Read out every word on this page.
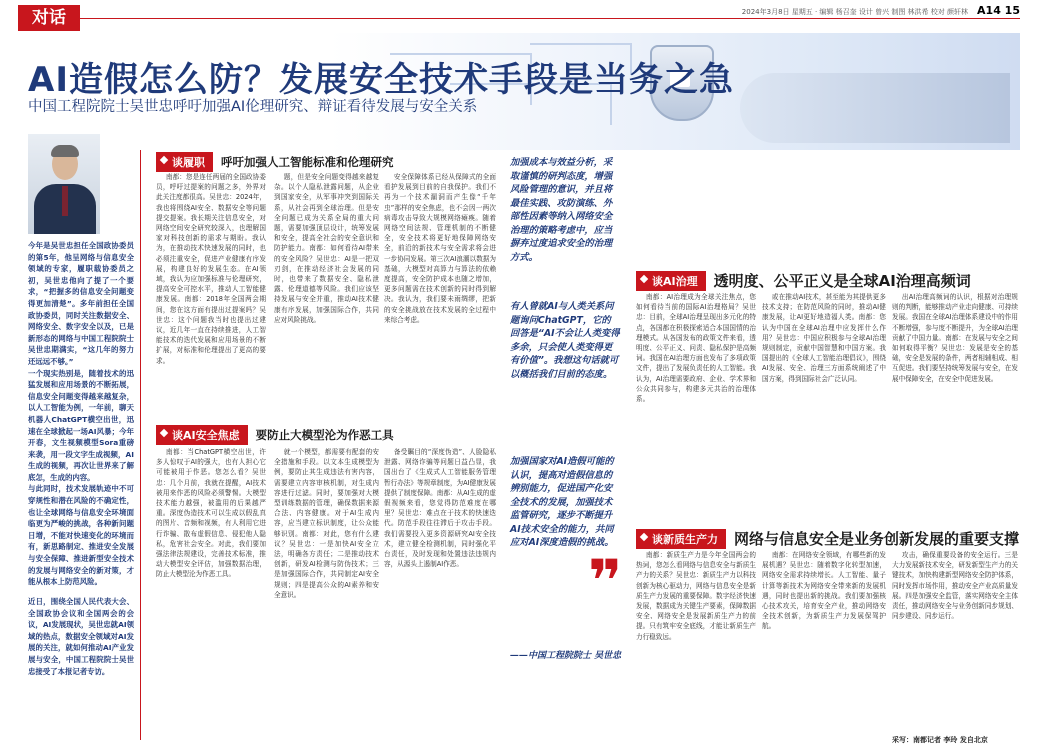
对话	2024年3月8日 星期五 · 编辑 杨召奎 设计 曾兴 制图 林洪希 校对 颜轩林 A14 15
AI造假怎么防？发展安全技术手段是当务之急
中国工程院院士吴世忠呼吁加强AI伦理研究、辩证看待发展与安全关系

今年是吴世忠担任全国政协委员的第5年，他呈网络与信息安全领域的专家，履职载协委员之初，吴世忠他向了提了一个要求，“把握多的信息安全问题变得更加清楚”。多年前担任全国政协委员，同时关注数据安全、网络安全、数字安全以及，已是新形态的网络与中国工程院院士吴世忠期满实，“这几年的努力还远远不够。”

一个现实热别是，随着技术的迅猛发展和应用场景的不断拓展，信息安全问题变得越来越复杂，以人工智能为例，一年前，聊天机器人ChatGPT横空出世，迅速在全球掀起一场AI风暴；今年开春，文生视频模型Sora重磅来袭，用一段文字生成视频，AI生成的视频，再次让世界来了解底怎，生成的内容。

与此同时，技术发展轨迹中不可穿规性和潜在风险的不确定性，也让全球网络与信息安全环境面临更为严峻的挑战，各种新问题日增，不能对快速变化的环境而有，新思路制定、推进安全发展与安全保障、推进新型安全技术的发展与网络安全的新对策，才能从根本上防范风险。

近日，围绕全国人民代表大会、全国政协会议和全国两会的会议，AI发展现状，吴世忠就AI领域的热点，数据安全领域对AI发展的关注，就如何推动AI产业发展与安全，中国工程院院士吴世忠接受了本报记者专访。
谈履职	呼吁加强人工智能标准和伦理研究

南都：您是连任两届的全国政协委员，呼吁过提案的问题之多，外界对此关注度都很高。吴世忠：2024年，我也将围绕AI安全、数据安全等问题提交提案。我长期关注信息安全，对网络空间安全研究较深入，也理解国家对科技创新的需求与期盼。我认为，在推动技术快速发展的同时，也必须注重安全，促进产业健康有序发展，构建良好的发展生态。在AI领域，我认为应加强标准与伦理研究，提高安全可控水平，推动人工智能健康发展。南都：2018年全国两会期间，您在这方面有提出过提案吗？吴世忠：这个问题我当时也提出过建议，近几年一直在持续推进，人工智能技术的迭代发展和应用场景的不断扩展，对标准和伦理提出了更高的要求。

题，但是安全问题变得越来越复杂。以个人隐私泄露问题，从企业到国家安全，从军事冲突到国际关系，从社会再到全球治理。但是安全问题已成为关系全局的重大问题，需要加强顶层设计，统筹发展和安全，提高全社会的安全意识和防护能力。南都：如何看待AI带来的安全风险？吴世忠：AI是一把双刃剑，在推动经济社会发展的同时，也带来了数据安全、隐私泄露、伦理道德等风险。我们应该坚持发展与安全并重，推动AI技术健康有序发展，加强国际合作，共同应对风险挑战。

安全保障体系已经从保障式的全面看护发展到目前的自我保护。我们不再为一个技术漏洞而产生像“千年虫”那样的安全焦虑，也不会因一两次病毒攻击导致大规模网络瘫痪。随着网络空间法规、管理机制的不断健全，安全技术将更好地保障网络安全，前沿的新技术与安全需求将会进一步协同发展。第三次AI浪潮以数据为基础，大模型对高算力与算法的依赖度提高，安全防护成本也随之增加，更多问题需在技术创新的同时得到解决。我认为，我们要未雨绸缪，把新的安全挑战放在技术发展的全过程中来综合考虑。

谈AI安全焦虑	要防止大模型沦为作恶工具

南都：当ChatGPT横空出世，许多人惊叹于AI的强大，也有人担心它可能被用于作恶。您怎么看？吴世忠：几个月前，我就在提醒，AI技术被用来作恶的风险必须警惕。大模型技术能力越强，被滥用的后果越严重。深度伪造技术可以生成以假乱真的图片、音频和视频，有人利用它进行诈骗、散布虚假信息、侵犯他人隐私，危害社会安全。对此，我们要加强法律法规建设，完善技术标准，推动大模型安全评估，加强数据治理，防止大模型沦为作恶工具。

就一个模型，都需要有配套的安全措施和手段。以文本生成模型为例，要防止其生成违法有害内容，需要建立内容审核机制，对生成内容进行过滤。同时，要加强对大模型训练数据的管理，确保数据来源合法、内容健康。对于AI生成内容，应当建立标识制度，让公众能够识别。南都：对此，您有什么建议？吴世忠：一是加快AI安全立法，明确各方责任；二是推动技术创新，研发AI检测与防伪技术；三是加强国际合作，共同制定AI安全规则；四是提高公众的AI素养和安全意识。

备受瞩目的“深度伪造”、人脸隐私泄露、网络诈骗等问题日益凸显，我国出台了《生成式人工智能服务管理暂行办法》等规章制度，为AI健康发展提供了制度保障。南都：从AI生成的虚假视频来看，您觉得防范难度在哪里？吴世忠：难点在于技术的快速迭代。防范手段往往滞后于攻击手段。我们需要投入更多资源研究AI安全技术，建立健全检测机制，同时强化平台责任，及时发现和处置违法违规内容，从源头上遏制AI作恶。

加强成本与效益分析，采取谨慎的研判态度，增强风险管理的意识，并且将最佳实践、攻防演练、外部性因素等纳入网络安全治理的策略考虑中，应当摒弃过度追求安全的治理方式。
有人曾就AI与人类关系问题询问ChatGPT，它的回答是“AI不会让人类变得多余，只会使人类变得更有价值”。我想这句话就可以概括我们目前的态度。
加强国家对AI造假可能的认识，提高对造假信息的辨别能力，促进国产化安全技术的发展，加强技术监管研究，逐步不断提升AI技术安全的能力，共同应对AI深度造假的挑战。
——中国工程院院士 吴世忠
❞
谈AI治理	透明度、公平正义是全球AI治理高频词

南都：AI治理成为全球关注焦点，您如何看待当前的国际AI治理格局？吴世忠：目前，全球AI治理呈现出多元化的特点，各国都在积极探索适合本国国情的治理模式。从各国发布的政策文件来看，透明度、公平正义、问责、隐私保护是高频词。我国在AI治理方面也发布了多项政策文件，提出了发展负责任的人工智能。我认为，AI治理需要政府、企业、学术界和公众共同参与，构建多元共治的治理体系。

或在推动AI技术，甚至能为其提供更多技术支持；在防范风险的同时，推动AI健康发展，让AI更好地造福人类。南都：您认为中国在全球AI治理中应发挥什么作用？吴世忠：中国应积极参与全球AI治理规则制定，贡献中国智慧和中国方案。我国提出的《全球人工智能治理倡议》，围绕AI发展、安全、治理三方面系统阐述了中国方案，得到国际社会广泛认同。

出AI治理高频词的认识，根据对治理规则的判断，能够推动产业走向健康、可持续发展。我国在全球AI治理体系建设中的作用不断增强，参与度不断提升，为全球AI治理贡献了中国力量。南都：在发展与安全之间如何取得平衡？吴世忠：发展是安全的基础，安全是发展的条件，两者相辅相成、相互促进。我们要坚持统筹发展与安全，在发展中保障安全，在安全中促进发展。

谈新质生产力	网络与信息安全是业务创新发展的重要支撑

南都：新质生产力是今年全国两会的热词，您怎么看网络与信息安全与新质生产力的关系？吴世忠：新质生产力以科技创新为核心驱动力，网络与信息安全是新质生产力发展的重要保障。数字经济快速发展，数据成为关键生产要素，保障数据安全、网络安全是发展新质生产力的前提。只有筑牢安全底线，才能让新质生产力行稳致远。

南都：在网络安全领域，有哪些新的发展机遇？吴世忠：随着数字化转型加速，网络安全需求持续增长。人工智能、量子计算等新技术为网络安全带来新的发展机遇，同时也提出新的挑战。我们要加强核心技术攻关，培育安全产业，推动网络安全技术创新，为新质生产力发展保驾护航。

攻击，确保重要设备的安全运行。三是大力发展新技术安全，研发新型生产力的关键技术，加快构建新型网络安全防护体系，同时发挥市场作用，推动安全产业高质量发展。四是加强安全监管，落实网络安全主体责任，推动网络安全与业务创新同步规划、同步建设、同步运行。

采写：南都记者 李玲 发自北京
